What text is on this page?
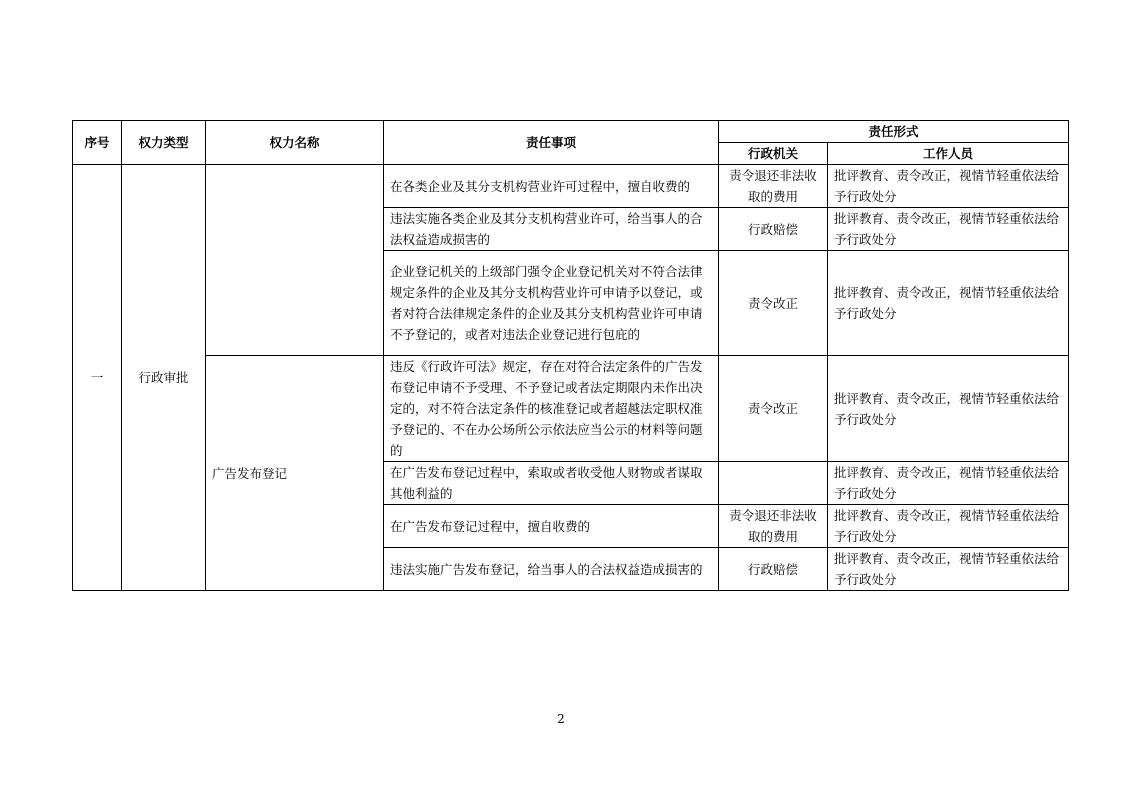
序号	权力类型	权力名称	责任事项	责任形式	
				行政机关	工作人员
一	行政审批		在各类企业及其分支机构营业许可过程中，擅自收费的	责令退还非法收取的费用	批评教育、责令改正，视情节轻重依法给予行政处分
			违法实施各类企业及其分支机构营业许可，给当事人的合法权益造成损害的	行政赔偿	批评教育、责令改正，视情节轻重依法给予行政处分
			企业登记机关的上级部门强令企业登记机关对不符合法律规定条件的企业及其分支机构营业许可申请予以登记，或者对符合法律规定条件的企业及其分支机构营业许可申请不予登记的，或者对违法企业登记进行包庇的	责令改正	批评教育、责令改正，视情节轻重依法给予行政处分
		广告发布登记	违反《行政许可法》规定，存在对符合法定条件的广告发布登记申请不予受理、不予登记或者法定期限内未作出决定的，对不符合法定条件的核准登记或者超越法定职权准予登记的、不在办公场所公示依法应当公示的材料等问题的	责令改正	批评教育、责令改正，视情节轻重依法给予行政处分
			在广告发布登记过程中，索取或者收受他人财物或者谋取其他利益的		批评教育、责令改正，视情节轻重依法给予行政处分
			在广告发布登记过程中，擅自收费的	责令退还非法收取的费用	批评教育、责令改正，视情节轻重依法给予行政处分
			违法实施广告发布登记，给当事人的合法权益造成损害的	行政赔偿	批评教育、责令改正，视情节轻重依法给予行政处分
2
